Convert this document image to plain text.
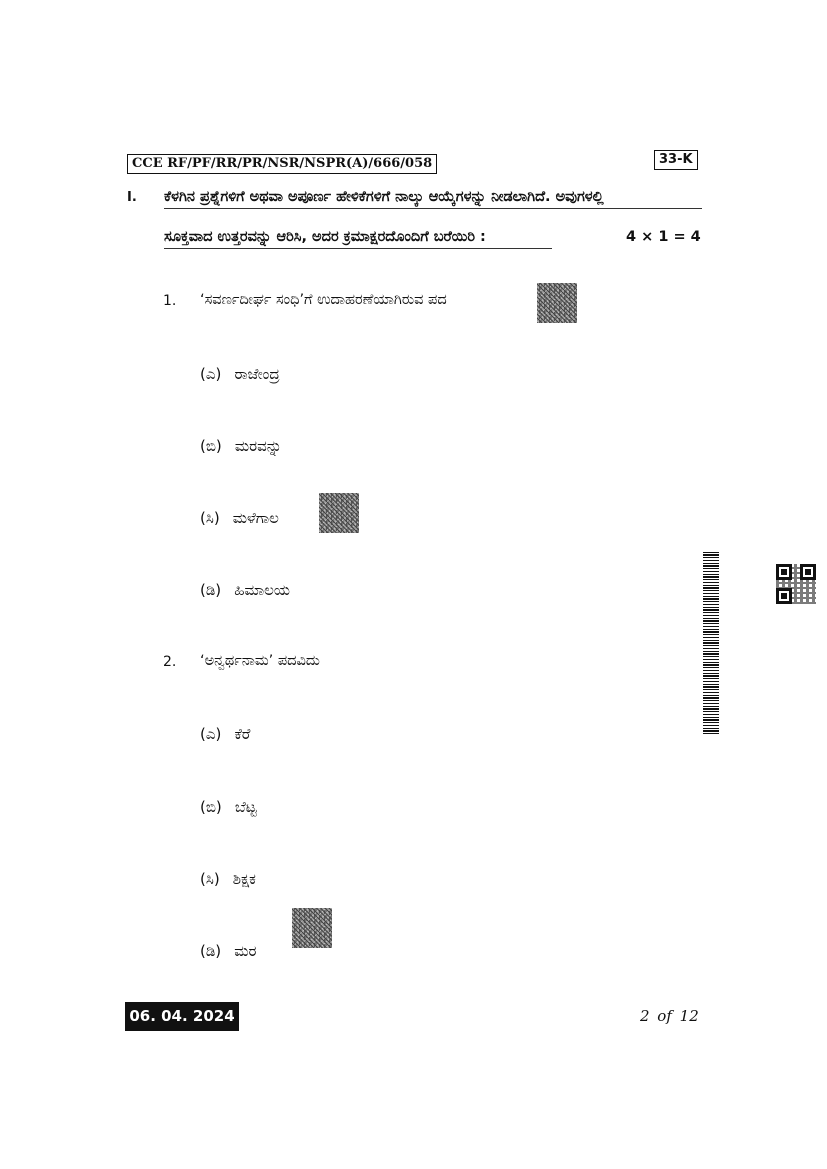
CCE RF/PF/RR/PR/NSR/NSPR(A)/666/058	33-K
I. ಕೆಳಗಿನ ಪ್ರಶ್ನೆಗಳಿಗೆ ಅಥವಾ ಅಪೂರ್ಣ ಹೇಳಿಕೆಗಳಿಗೆ ನಾಲ್ಕು ಆಯ್ಕೆಗಳನ್ನು ನೀಡಲಾಗಿದೆ. ಅವುಗಳಲ್ಲಿ
ಸೂಕ್ತವಾದ ಉತ್ತರವನ್ನು ಆರಿಸಿ, ಅದರ ಕ್ರಮಾಕ್ಷರದೊಂದಿಗೆ ಬರೆಯಿರಿ :	4 × 1 = 4
1. ‘ಸವರ್ಣದೀರ್ಘ ಸಂಧಿ’ಗೆ ಉದಾಹರಣೆಯಾಗಿರುವ ಪದ
(ಎ) ರಾಜೇಂದ್ರ
(ಬಿ) ಮರವನ್ನು
(ಸಿ) ಮಳೆಗಾಲ
(ಡಿ) ಹಿಮಾಲಯ
2. ‘ಅನ್ವರ್ಥನಾಮ’ ಪದವಿದು
(ಎ) ಕೆರೆ
(ಬಿ) ಬೆಟ್ಟ
(ಸಿ) ಶಿಕ್ಷಕ
(ಡಿ) ಮರ
06. 04. 2024	2 of 12
